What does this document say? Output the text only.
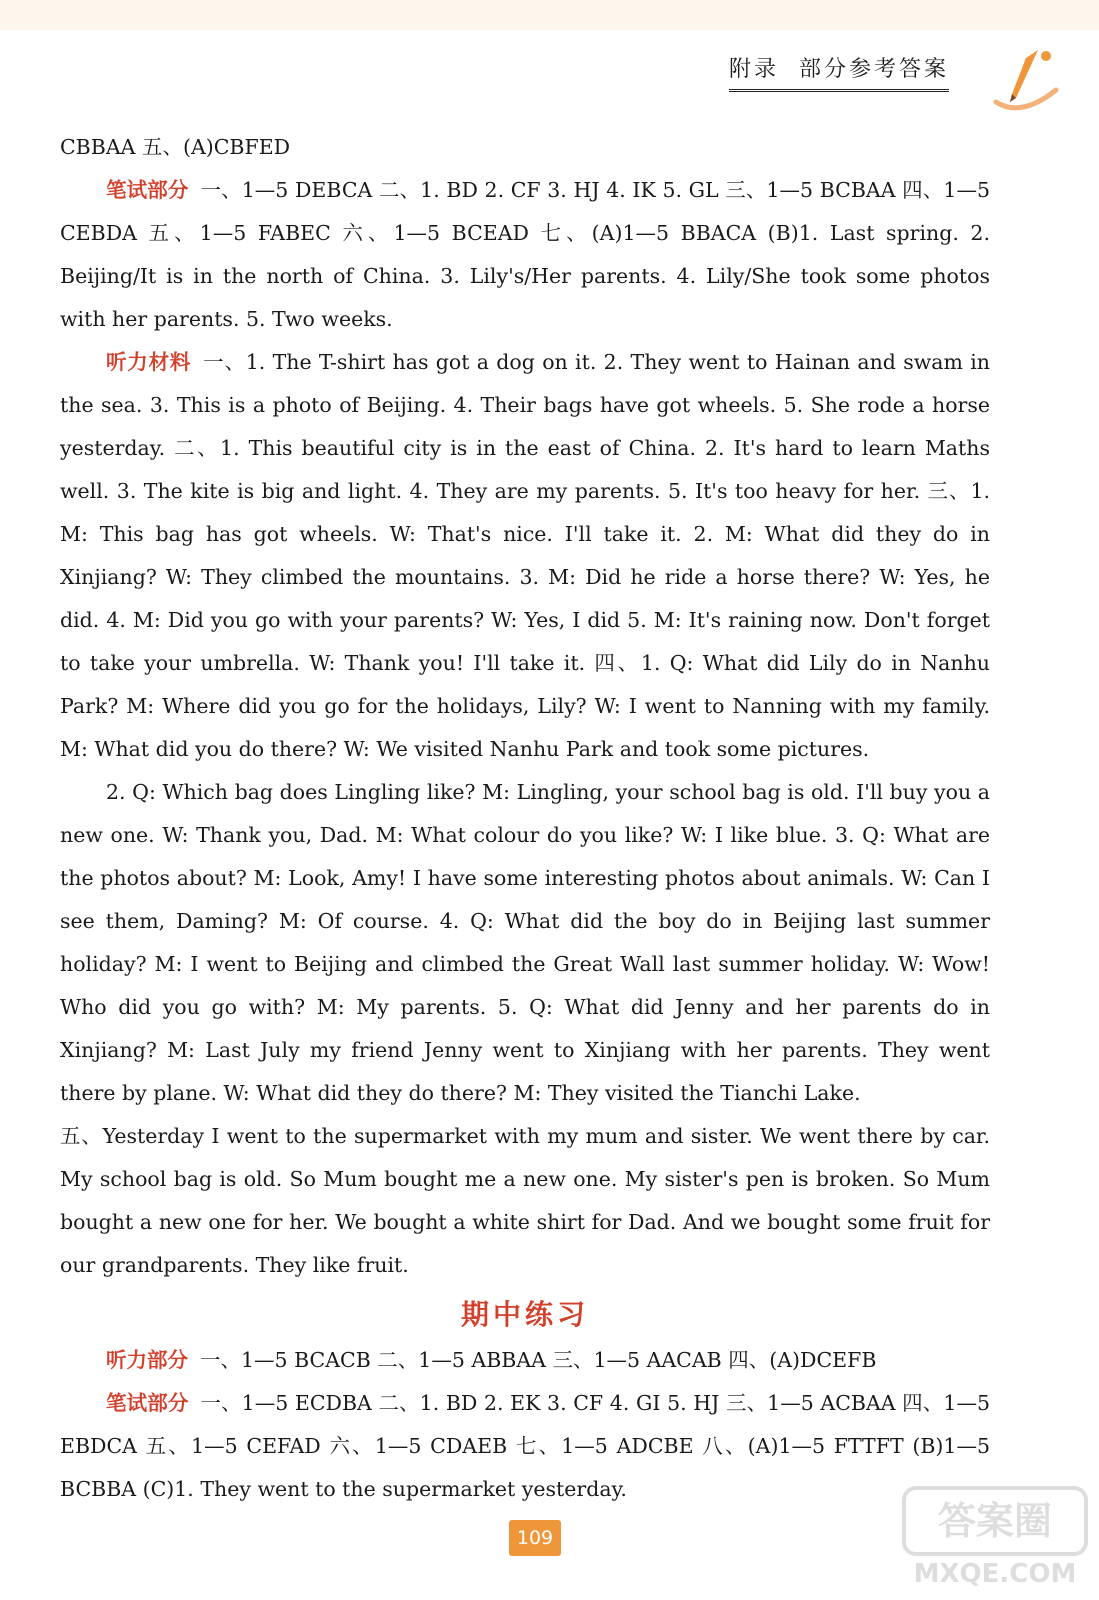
附录 部分参考答案

CBBAA 五、(A)CBFED

笔试部分 一、1—5 DEBCA 二、1. BD 2. CF 3. HJ 4. IK 5. GL 三、1—5 BCBAA 四、1—5 CEBDA 五、1—5 FABEC 六、1—5 BCEAD 七、(A)1—5 BBACA (B)1. Last spring. 2. Beijing/It is in the north of China. 3. Lily's/Her parents. 4. Lily/She took some photos with her parents. 5. Two weeks.

听力材料 一、1. The T-shirt has got a dog on it. 2. They went to Hainan and swam in the sea. 3. This is a photo of Beijing. 4. Their bags have got wheels. 5. She rode a horse yesterday. 二、1. This beautiful city is in the east of China. 2. It's hard to learn Maths well. 3. The kite is big and light. 4. They are my parents. 5. It's too heavy for her. 三、1. M: This bag has got wheels. W: That's nice. I'll take it. 2. M: What did they do in Xinjiang? W: They climbed the mountains. 3. M: Did he ride a horse there? W: Yes, he did. 4. M: Did you go with your parents? W: Yes, I did 5. M: It's raining now. Don't forget to take your umbrella. W: Thank you! I'll take it. 四、1. Q: What did Lily do in Nanhu Park? M: Where did you go for the holidays, Lily? W: I went to Nanning with my family. M: What did you do there? W: We visited Nanhu Park and took some pictures.

2. Q: Which bag does Lingling like? M: Lingling, your school bag is old. I'll buy you a new one. W: Thank you, Dad. M: What colour do you like? W: I like blue. 3. Q: What are the photos about? M: Look, Amy! I have some interesting photos about animals. W: Can I see them, Daming? M: Of course. 4. Q: What did the boy do in Beijing last summer holiday? M: I went to Beijing and climbed the Great Wall last summer holiday. W: Wow! Who did you go with? M: My parents. 5. Q: What did Jenny and her parents do in Xinjiang? M: Last July my friend Jenny went to Xinjiang with her parents. They went there by plane. W: What did they do there? M: They visited the Tianchi Lake.

五、Yesterday I went to the supermarket with my mum and sister. We went there by car. My school bag is old. So Mum bought me a new one. My sister's pen is broken. So Mum bought a new one for her. We bought a white shirt for Dad. And we bought some fruit for our grandparents. They like fruit.

期中练习

听力部分 一、1—5 BCACB 二、1—5 ABBAA 三、1—5 AACAB 四、(A)DCEFB

笔试部分 一、1—5 ECDBA 二、1. BD 2. EK 3. CF 4. GI 5. HJ 三、1—5 ACBAA 四、1—5 EBDCA 五、1—5 CEFAD 六、1—5 CDAEB 七、1—5 ADCBE 八、(A)1—5 FTTFT (B)1—5 BCBBA (C)1. They went to the supermarket yesterday.

109	答案圈
MXQE.COM
